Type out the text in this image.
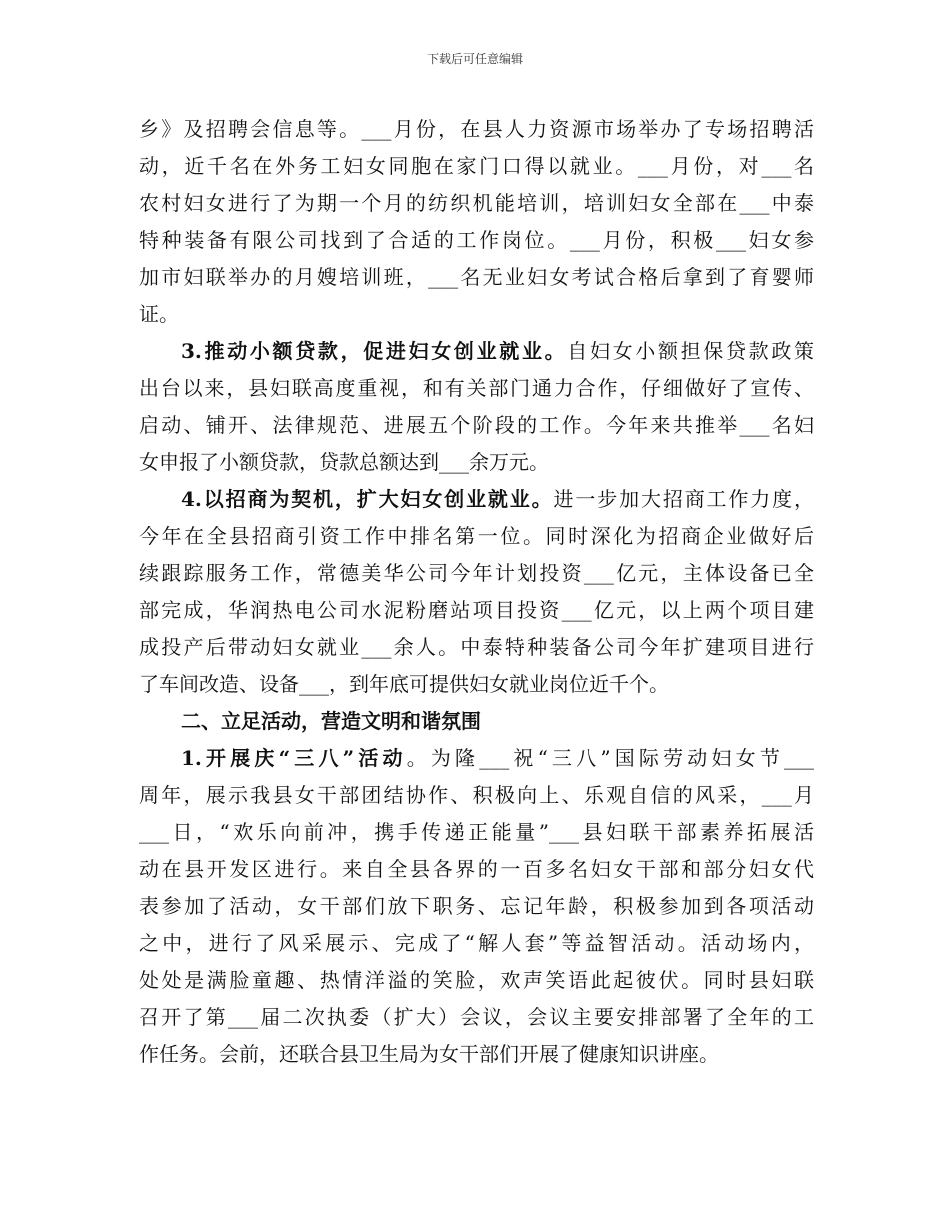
下载后可任意编辑
乡》及招聘会信息等。___月份，在县人力资源市场举办了专场招聘活
动，近千名在外务工妇女同胞在家门口得以就业。___月份，对___名
农村妇女进行了为期一个月的纺织机能培训，培训妇女全部在___中泰
特种装备有限公司找到了合适的工作岗位。___月份，积极___妇女参
加市妇联举办的月嫂培训班，___名无业妇女考试合格后拿到了育婴师
证。
3.推动小额贷款，促进妇女创业就业。自妇女小额担保贷款政策
出台以来，县妇联高度重视，和有关部门通力合作，仔细做好了宣传、
启动、铺开、法律规范、进展五个阶段的工作。今年来共推举___名妇
女申报了小额贷款，贷款总额达到___余万元。
4.以招商为契机，扩大妇女创业就业。进一步加大招商工作力度，
今年在全县招商引资工作中排名第一位。同时深化为招商企业做好后
续跟踪服务工作，常德美华公司今年计划投资___亿元，主体设备已全
部完成，华润热电公司水泥粉磨站项目投资___亿元，以上两个项目建
成投产后带动妇女就业___余人。中泰特种装备公司今年扩建项目进行
了车间改造、设备___，到年底可提供妇女就业岗位近千个。
二、立足活动，营造文明和谐氛围
1.开展庆“三八”活动。为隆___祝“三八”国际劳动妇女节___
周年，展示我县女干部团结协作、积极向上、乐观自信的风采，___月
___日，“欢乐向前冲，携手传递正能量”___县妇联干部素养拓展活
动在县开发区进行。来自全县各界的一百多名妇女干部和部分妇女代
表参加了活动，女干部们放下职务、忘记年龄，积极参加到各项活动
之中，进行了风采展示、完成了“解人套”等益智活动。活动场内，
处处是满脸童趣、热情洋溢的笑脸，欢声笑语此起彼伏。同时县妇联
召开了第___届二次执委（扩大）会议，会议主要安排部署了全年的工
作任务。会前，还联合县卫生局为女干部们开展了健康知识讲座。
